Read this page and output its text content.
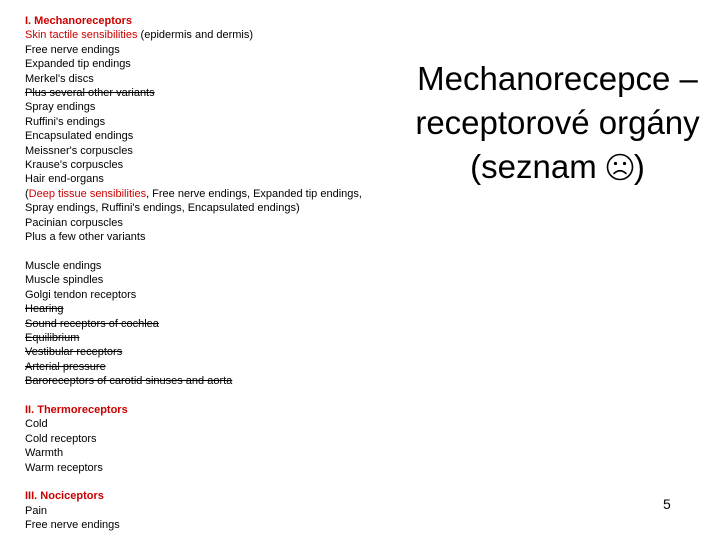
I. Mechanoreceptors
Skin tactile sensibilities (epidermis and dermis)
Free nerve endings
Expanded tip endings
Merkel's discs
Plus several other variants
Spray endings
Ruffini's endings
Encapsulated endings
Meissner's corpuscles
Krause's corpuscles
Hair end-organs
(Deep tissue sensibilities, Free nerve endings, Expanded tip endings, Spray endings, Ruffini's endings, Encapsulated endings)
Pacinian corpuscles
Plus a few other variants
Muscle endings
Muscle spindles
Golgi tendon receptors
Hearing
Sound receptors of cochlea
Equilibrium
Vestibular receptors
Arterial pressure
Baroreceptors of carotid sinuses and aorta
II. Thermoreceptors
Cold
Cold receptors
Warmth
Warm receptors
III. Nociceptors
Pain
Free nerve endings
Mechanorecepce –
receptorové orgány
(seznam )
5
